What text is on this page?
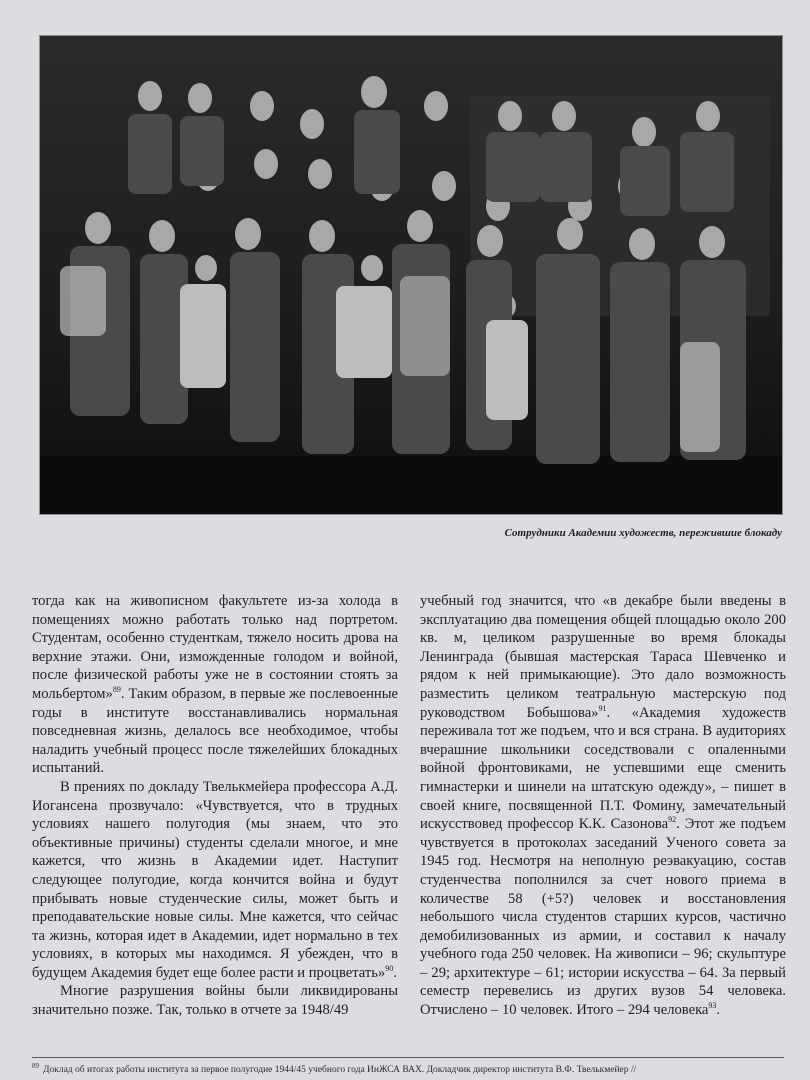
Сотрудники Академии художеств, пережившие блокаду

тогда как на живописном факультете из-за холода в помещениях можно работать только над портретом. Студентам, особенно студенткам, тяжело носить дрова на верхние этажи. Они, изможденные голодом и войной, после физической работы уже не в состоянии стоять за мольбертом»$^{89}$. Таким образом, в первые же послевоенные годы в институте восстанавливались нормальная повседневная жизнь, делалось все необходимое, чтобы наладить учебный процесс после тяжелейших блокадных испытаний.

В прениях по докладу Твелькмейера профессора А.Д. Иогансена прозвучало: «Чувствуется, что в трудных условиях нашего полугодия (мы знаем, что это объективные причины) студенты сделали многое, и мне кажется, что жизнь в Академии идет. Наступит следующее полугодие, когда кончится война и будут прибывать новые студенческие силы, может быть и преподавательские новые силы. Мне кажется, что сейчас та жизнь, которая идет в Академии, идет нормально в тех условиях, в которых мы находимся. Я убежден, что в будущем Академия будет еще более расти и процветать»$^{90}$.

Многие разрушения войны были ликвидированы значительно позже. Так, только в отчете за 1948/49

учебный год значится, что «в декабре были введены в эксплуатацию два помещения общей площадью около 200 кв. м, целиком разрушенные во время блокады Ленинграда (бывшая мастерская Тараса Шевченко и рядом к ней примыкающие). Это дало возможность разместить целиком театральную мастерскую под руководством Бобышова»$^{91}$. «Академия художеств переживала тот же подъем, что и вся страна. В аудиториях вчерашние школьники соседствовали с опаленными войной фронтовиками, не успевшими еще сменить гимнастерки и шинели на штатскую одежду», – пишет в своей книге, посвященной П.Т. Фомину, замечательный искусствовед профессор К.К. Сазонова$^{92}$. Этот же подъем чувствуется в протоколах заседаний Ученого совета за 1945 год. Несмотря на неполную реэвакуацию, состав студенчества пополнился за счет нового приема в количестве 58 (+5?) человек и восстановления небольшого числа студентов старших курсов, частично демобилизованных из армии, и составил к началу учебного года 250 человек. На живописи – 96; скульптуре – 29; архитектуре – 61; истории искусства – 64. За первый семестр перевелись из других вузов 54 человека. Отчислено – 10 человек. Итого – 294 человека$^{93}$.

$^{89}$ Доклад об итогах работы института за первое полугодие 1944/45 учебного года ИнЖСА ВАХ. Докладчик директор института В.Ф. Твелькмейер //
